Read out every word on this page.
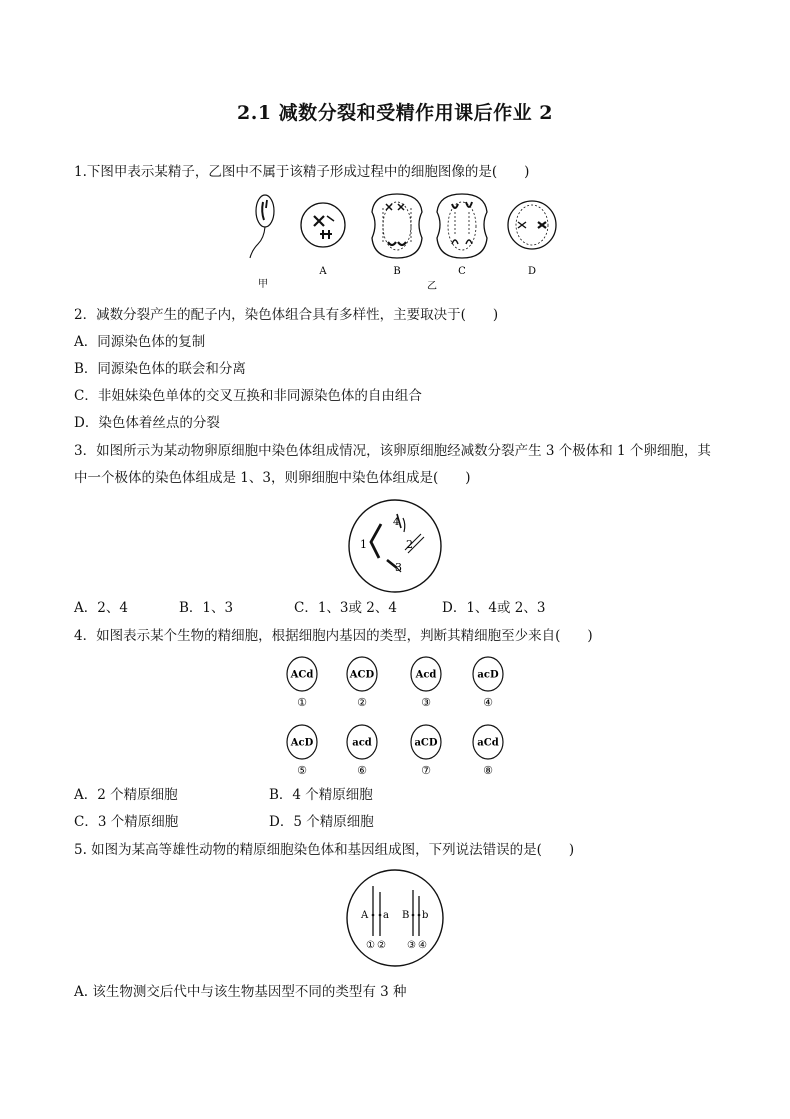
2.1 减数分裂和受精作用课后作业 2
1.下图甲表示某精子，乙图中不属于该精子形成过程中的细胞图像的是(　　)
A	B	C	D
甲	乙
2．减数分裂产生的配子内，染色体组合具有多样性，主要取决于(　　)
A．同源染色体的复制
B．同源染色体的联会和分离
C．非姐妹染色单体的交叉互换和非同源染色体的自由组合
D．染色体着丝点的分裂
3．如图所示为某动物卵原细胞中染色体组成情况，该卵原细胞经减数分裂产生 3 个极体和 1 个卵细胞，其
中一个极体的染色体组成是 1、3，则卵细胞中染色体组成是(　　)
1	2
3
4
A．2、4	B．1、3	C．1、3或 2、4	D．1、4或 2、3
4．如图表示某个生物的精细胞，根据细胞内基因的类型，判断其精细胞至少来自(　　)
ACd
①
ACD
②
Acd
③
acD
④
AcD
⑤
acd
⑥
aCD
⑦
aCd
⑧
A．2 个精原细胞	B．4 个精原细胞
C．3 个精原细胞	D．5 个精原细胞
5. 如图为某高等雄性动物的精原细胞染色体和基因组成图，下列说法错误的是(　　)
A a B b
① ② ③ ④
A. 该生物测交后代中与该生物基因型不同的类型有 3 种
